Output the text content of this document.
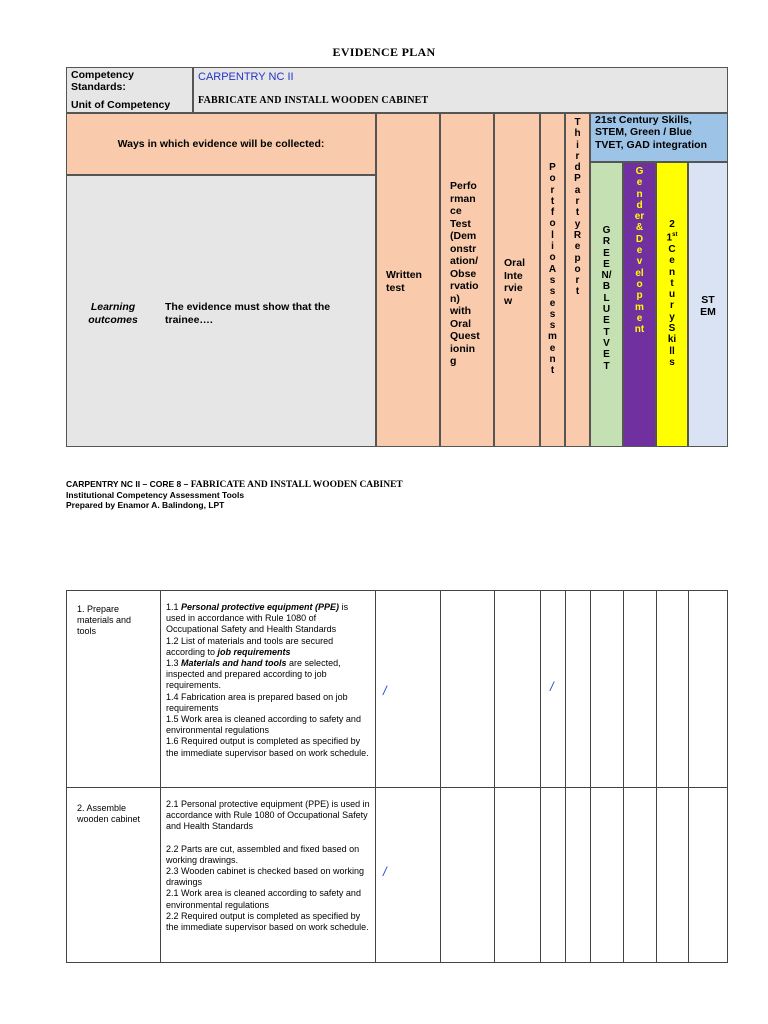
EVIDENCE PLAN
Competency Standards:
Unit of Competency
CARPENTRY NC II
FABRICATE AND INSTALL WOODEN CABINET
Ways in which evidence will be collected:
Learning outcomes
The evidence must show that the trainee….
Written test
Perfo
rman
ce
Test
(Dem
onstr
ation/
Obse
rvatio
n)
with
Oral
Quest
ionin
g
Oral
Inte
rvie
w
P
o
r
t
f
o
l
i
o
A
s
s
e
s
s
m
e
n
t
T
h
i
r
d
P
a
r
t
y
R
e
p
o
r
t
21st Century Skills, STEM, Green / Blue TVET, GAD integration
G
R
E
E
N/
B
L
U
E
T
V
E
T
G
e
n
d
er
&
D
e
v
el
o
p
m
e
nt
2
1st
C
e
n
t
u
r
y
S
ki
ll
s
ST
EM
CARPENTRY NC II – CORE 8 – FABRICATE AND INSTALL WOODEN CABINET
Institutional Competency Assessment Tools
Prepared by Enamor A. Balindong, LPT
1. Prepare materials and tools
1.1 Personal protective equipment (PPE) is used in accordance with Rule 1080 of Occupational Safety and Health Standards
1.2 List of materials and tools are secured according to job requirements
1.3 Materials and hand tools are selected, inspected and prepared according to job requirements.
1.4 Fabrication area is prepared based on job requirements
1.5 Work area is cleaned according to safety and environmental regulations
1.6 Required output is completed as specified by the immediate supervisor based on work schedule.
/	/
2. Assemble wooden cabinet
2.1 Personal protective equipment (PPE) is used in accordance with Rule 1080 of Occupational Safety and Health Standards
2.2 Parts are cut, assembled and fixed based on working drawings.
2.3 Wooden cabinet is checked based on working drawings
2.1 Work area is cleaned according to safety and environmental regulations
2.2 Required output is completed as specified by the immediate supervisor based on work schedule.
/
